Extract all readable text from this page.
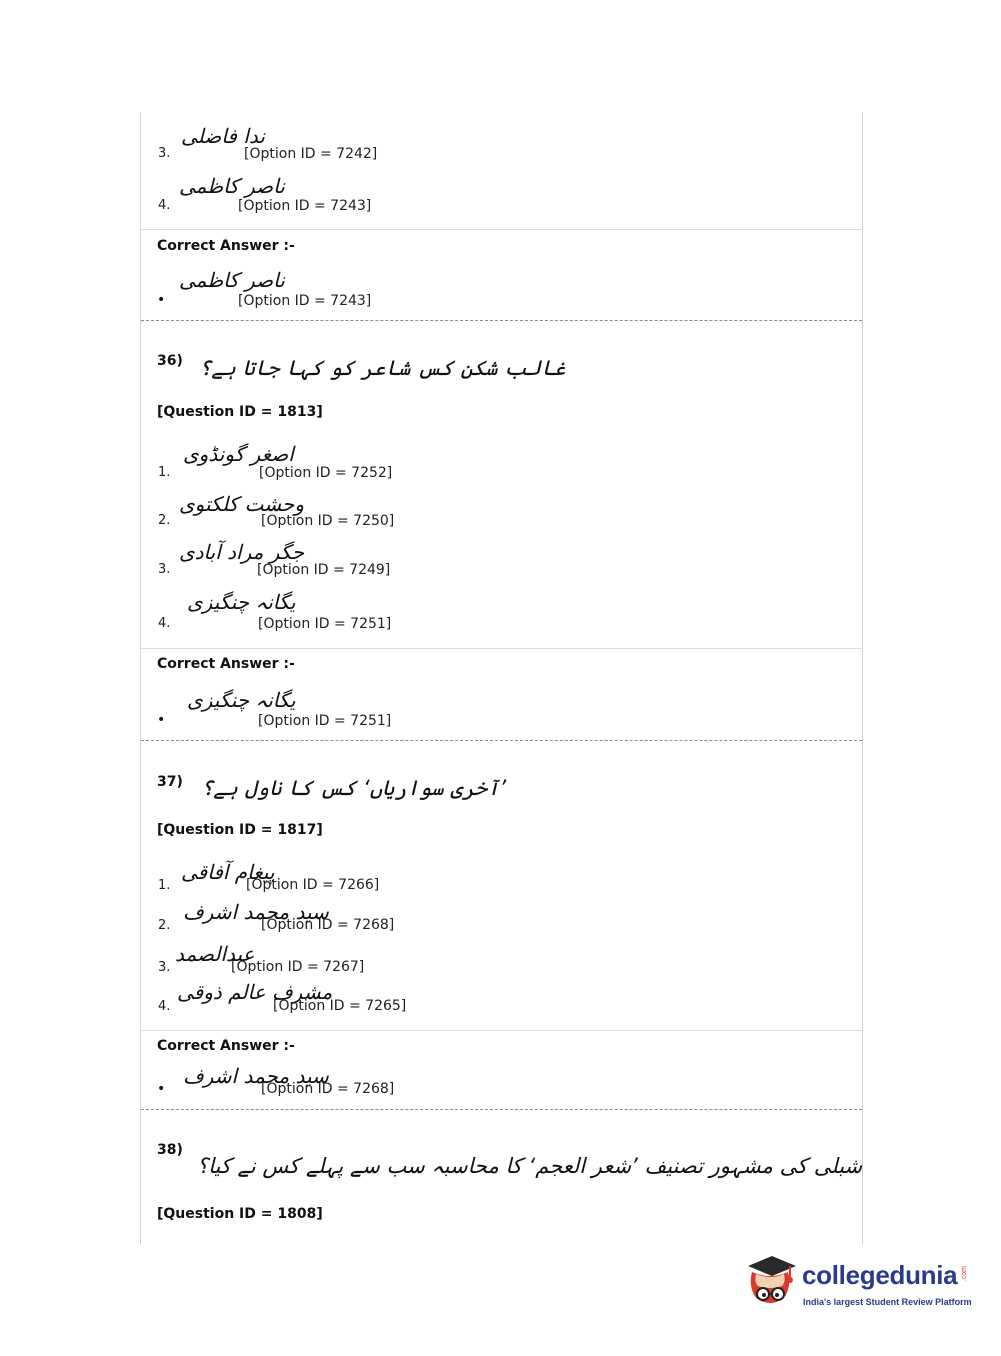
ندا فاضلی
3.	[Option ID = 7242]
ناصر کاظمی
4.	[Option ID = 7243]
Correct Answer :-
ناصر کاظمی
•	[Option ID = 7243]
36) غالب شکن کس شاعر کو کہا جاتا ہے؟
[Question ID = 1813]
اصغر گونڈوی
1.	[Option ID = 7252]
وحشت کلکتوی
2.	[Option ID = 7250]
جگر مراد آبادی
3.	[Option ID = 7249]
یگانہ چنگیزی
4.	[Option ID = 7251]
Correct Answer :-
یگانہ چنگیزی
•	[Option ID = 7251]
37) ’آخری سواریاں‘ کس کا ناول ہے؟
[Question ID = 1817]
پیغام آفاقی
1.	[Option ID = 7266]
سید محمد اشرف
2.	[Option ID = 7268]
عبدالصمد
3.	[Option ID = 7267]
مشرف عالم ذوقی
4.	[Option ID = 7265]
Correct Answer :-
سید محمد اشرف
•	[Option ID = 7268]
38)
شبلی کی مشہور تصنیف ’شعر العجم‘ کا محاسبہ سب سے پہلے کس نے کیا؟
[Question ID = 1808]
collegedunia .com
India's largest Student Review Platform
